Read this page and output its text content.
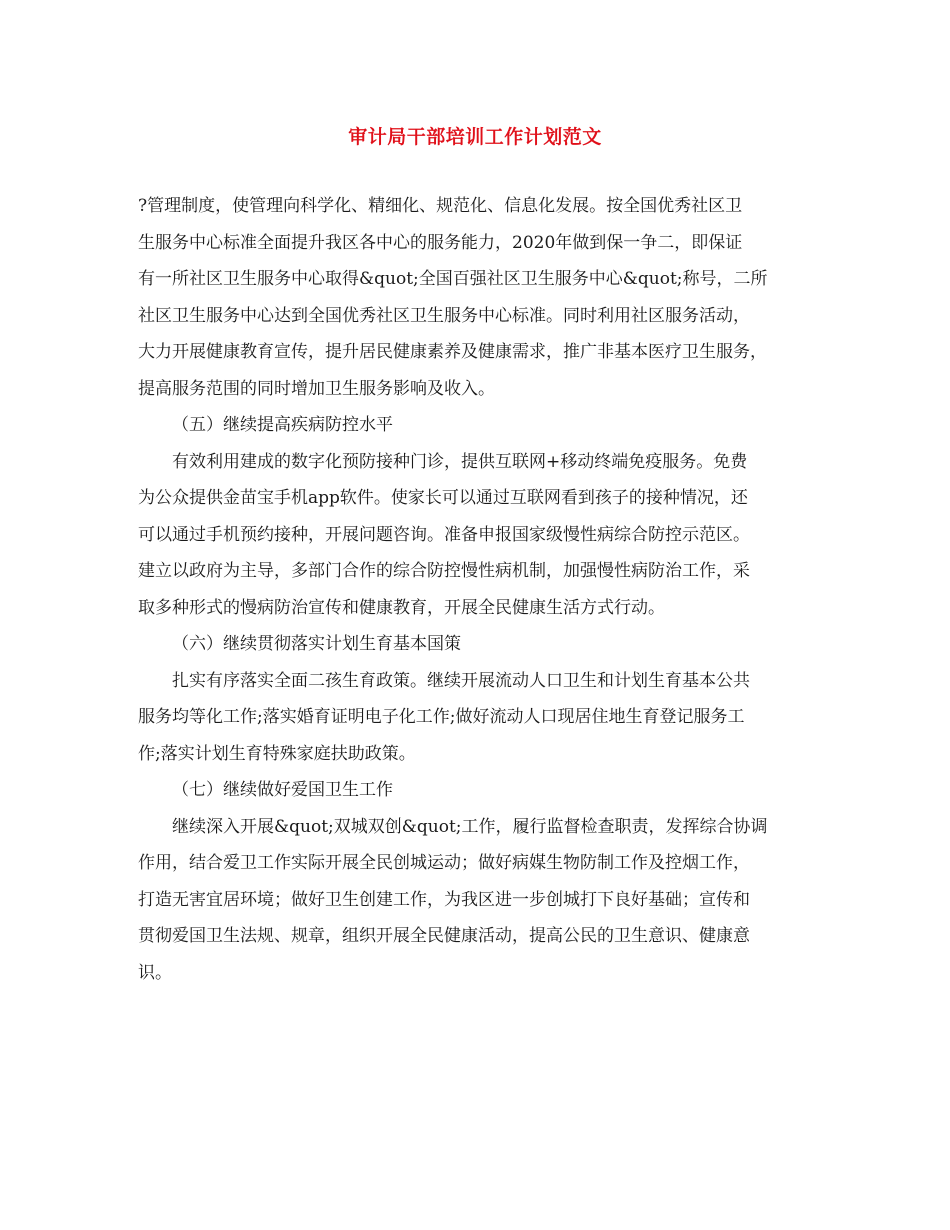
审计局干部培训工作计划范文
?管理制度，使管理向科学化、精细化、规范化、信息化发展。按全国优秀社区卫
生服务中心标准全面提升我区各中心的服务能力，2020年做到保一争二，即保证
有一所社区卫生服务中心取得&quot;全国百强社区卫生服务中心&quot;称号，二所
社区卫生服务中心达到全国优秀社区卫生服务中心标准。同时利用社区服务活动，
大力开展健康教育宣传，提升居民健康素养及健康需求，推广非基本医疗卫生服务，
提高服务范围的同时增加卫生服务影响及收入。
（五）继续提高疾病防控水平
有效利用建成的数字化预防接种门诊，提供互联网+移动终端免疫服务。免费
为公众提供金苗宝手机app软件。使家长可以通过互联网看到孩子的接种情况，还
可以通过手机预约接种，开展问题咨询。准备申报国家级慢性病综合防控示范区。
建立以政府为主导，多部门合作的综合防控慢性病机制，加强慢性病防治工作，采
取多种形式的慢病防治宣传和健康教育，开展全民健康生活方式行动。
（六）继续贯彻落实计划生育基本国策
扎实有序落实全面二孩生育政策。继续开展流动人口卫生和计划生育基本公共
服务均等化工作;落实婚育证明电子化工作;做好流动人口现居住地生育登记服务工
作;落实计划生育特殊家庭扶助政策。
（七）继续做好爱国卫生工作
继续深入开展&quot;双城双创&quot;工作，履行监督检查职责，发挥综合协调
作用，结合爱卫工作实际开展全民创城运动；做好病媒生物防制工作及控烟工作，
打造无害宜居环境；做好卫生创建工作，为我区进一步创城打下良好基础；宣传和
贯彻爱国卫生法规、规章，组织开展全民健康活动，提高公民的卫生意识、健康意
识。
